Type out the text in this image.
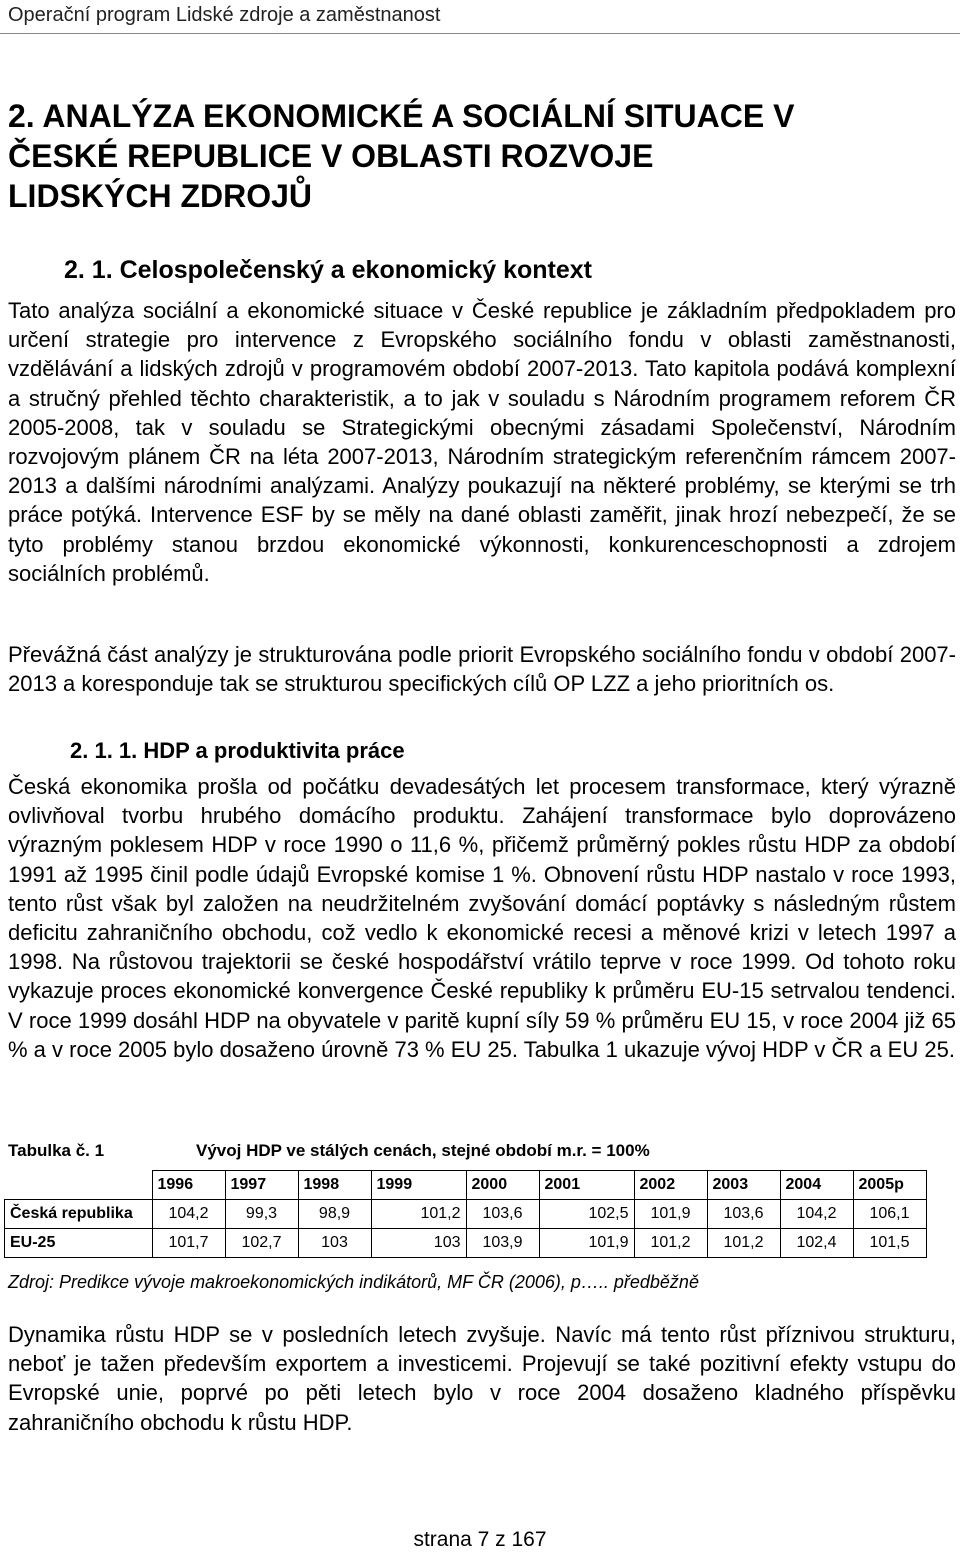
Operační program Lidské zdroje a zaměstnanost
2. ANALÝZA EKONOMICKÉ A SOCIÁLNÍ SITUACE V
ČESKÉ REPUBLICE V OBLASTI ROZVOJE
LIDSKÝCH ZDROJŮ
2. 1. Celospolečenský a ekonomický kontext

Tato analýza sociální a ekonomické situace v České republice je základním předpokladem pro určení strategie pro intervence z Evropského sociálního fondu v oblasti zaměstnanosti, vzdělávání a lidských zdrojů v programovém období 2007-2013. Tato kapitola podává komplexní a stručný přehled těchto charakteristik, a to jak v souladu s Národním programem reforem ČR 2005-2008, tak v souladu se Strategickými obecnými zásadami Společenství, Národním rozvojovým plánem ČR na léta 2007-2013, Národním strategickým referenčním rámcem 2007-2013 a dalšími národními analýzami. Analýzy poukazují na některé problémy, se kterými se trh práce potýká. Intervence ESF by se měly na dané oblasti zaměřit, jinak hrozí nebezpečí, že se tyto problémy stanou brzdou ekonomické výkonnosti, konkurenceschopnosti a zdrojem sociálních problémů.

Převážná část analýzy je strukturována podle priorit Evropského sociálního fondu v období 2007-2013 a koresponduje tak se strukturou specifických cílů OP LZZ a jeho prioritních os.

2. 1. 1. HDP a produktivita práce

Česká ekonomika prošla od počátku devadesátých let procesem transformace, který výrazně ovlivňoval tvorbu hrubého domácího produktu. Zahájení transformace bylo doprovázeno výrazným poklesem HDP v roce 1990 o 11,6 %, přičemž průměrný pokles růstu HDP za období 1991 až 1995 činil podle údajů Evropské komise 1 %. Obnovení růstu HDP nastalo v roce 1993, tento růst však byl založen na neudržitelném zvyšování domácí poptávky s následným růstem deficitu zahraničního obchodu, což vedlo k ekonomické recesi a měnové krizi v letech 1997 a 1998. Na růstovou trajektorii se české hospodářství vrátilo teprve v roce 1999. Od tohoto roku vykazuje proces ekonomické konvergence České republiky k průměru EU-15 setrvalou tendenci. V roce 1999 dosáhl HDP na obyvatele v paritě kupní síly 59 % průměru EU 15, v roce 2004 již 65 % a v roce 2005 bylo dosaženo úrovně 73 % EU 25. Tabulka 1 ukazuje vývoj HDP v ČR a EU 25.

Tabulka č. 1	Vývoj HDP ve stálých cenách, stejné období m.r. = 100%
	1996	1997	1998	1999	2000	2001	2002	2003	2004	2005p
Česká republika	104,2	99,3	98,9	101,2	103,6	102,5	101,9	103,6	104,2	106,1
EU-25	101,7	102,7	103	103	103,9	101,9	101,2	101,2	102,4	101,5
Zdroj: Predikce vývoje makroekonomických indikátorů, MF ČR (2006), p….. předběžně

Dynamika růstu HDP se v posledních letech zvyšuje. Navíc má tento růst příznivou strukturu, neboť je tažen především exportem a investicemi. Projevují se také pozitivní efekty vstupu do Evropské unie, poprvé po pěti letech bylo v roce 2004 dosaženo kladného příspěvku zahraničního obchodu k růstu HDP.

strana 7 z 167
